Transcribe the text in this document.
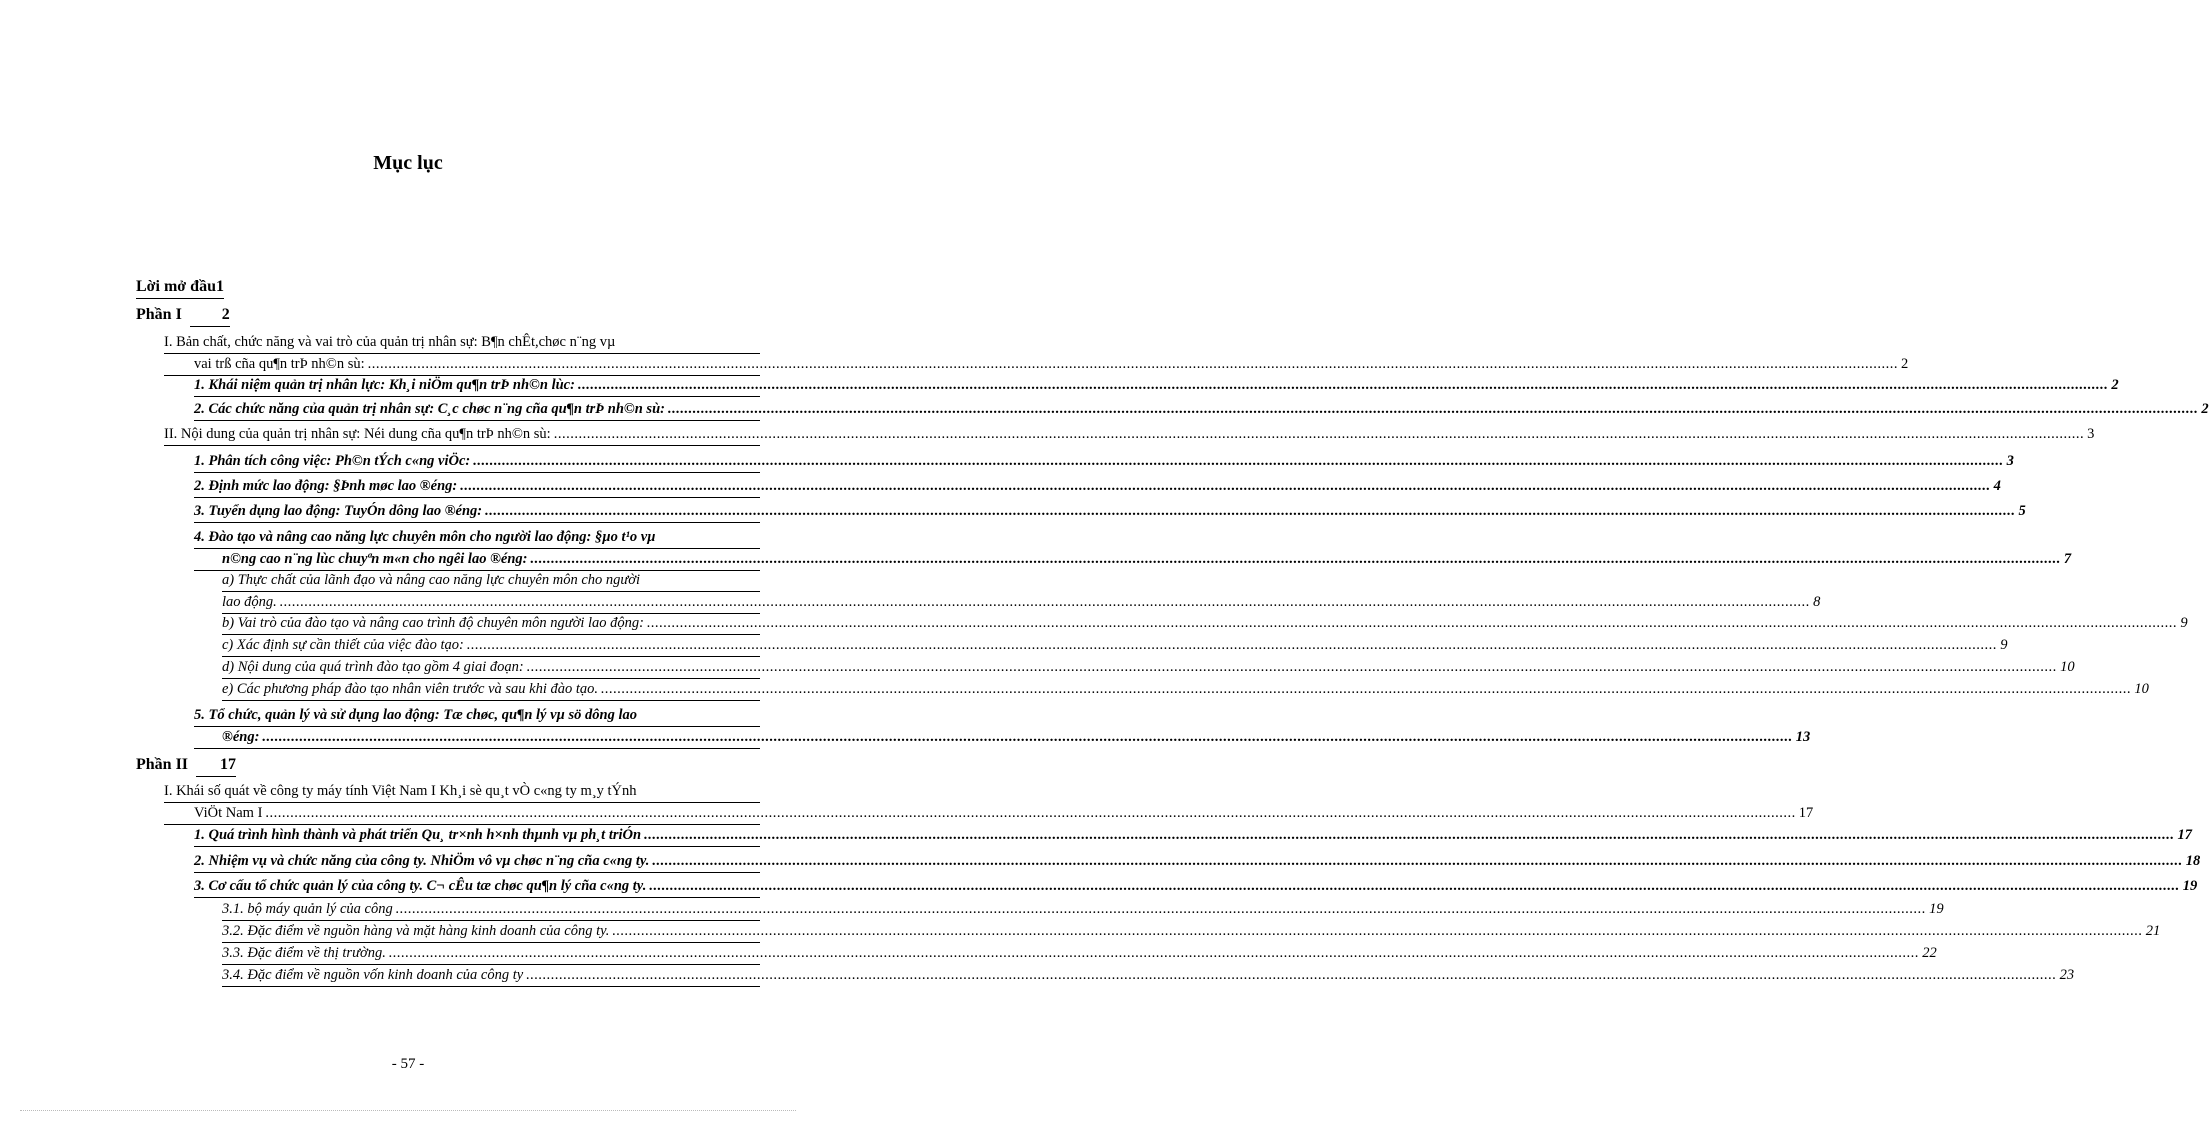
Mục lục
Lời mở đầu1
Phần I	2
I. Bản chất, chức năng và vai trò của quản trị nhân sự: B¶n chÊt,chøc n¨ng vµ
vai trß cña qu¶n trÞ nh©n sù: .....	2
1. Khái niệm quản trị nhân lực: Kh¸i niÖm qu¶n trÞ nh©n lùc: .....	2
2. Các chức năng của quản trị nhân sự: C¸c chøc n¨ng cña qu¶n trÞ nh©n sù: .....	2
II. Nội dung của quản trị nhân sự: Néi dung cña qu¶n trÞ nh©n sù: .....	3
1. Phân tích công việc: Ph©n tÝch c«ng viÖc: .....	3
2. Định mức lao động: §Þnh møc lao ®éng: .....	4
3. Tuyển dụng lao động: TuyÓn dông lao ®éng: .....	5
4. Đào tạo và nâng cao năng lực chuyên môn cho người lao động: §µo t¹o vµ
n©ng cao n¨ng lùc chuyªn m«n cho ngêi lao ®éng: .....	7
a) Thực chất của lãnh đạo và nâng cao năng lực chuyên môn cho người
lao động. .....	8
b) Vai trò của đào tạo và nâng cao trình độ chuyên môn người lao động: .....	9
c) Xác định sự cần thiết của việc đào tạo: .....	9
d) Nội dung của quá trình đào tạo gồm 4 giai đoạn: .....	10
e) Các phương pháp đào tạo nhân viên trước và sau khi đào tạo. .....	10
5. Tổ chức, quản lý và sử dụng lao động: Tæ chøc, qu¶n lý vµ sö dông lao
®éng: .....	13
Phần II 17
I. Khái số quát về công ty máy tính Việt Nam I Kh¸i sè qu¸t vÒ c«ng ty m¸y tÝnh
ViÖt Nam I .....	17
1. Quá trình hình thành và phát triển Qu¸ tr×nh h×nh thµnh vµ ph¸t triÓn .....	17
2. Nhiệm vụ và chức năng của công ty. NhiÖm vô vµ chøc n¨ng cña c«ng ty. .....	18
3. Cơ cấu tổ chức quản lý của công ty. C¬ cÊu tæ chøc qu¶n lý cña c«ng ty. .....	19
3.1. bộ máy quản lý của công .....	19
3.2. Đặc điểm về nguồn hàng và mặt hàng kinh doanh của công ty. .....	21
3.3. Đặc điểm về thị trường. .....	22
3.4. Đặc điểm về nguồn vốn kinh doanh của công ty .....	23
- 57 -
